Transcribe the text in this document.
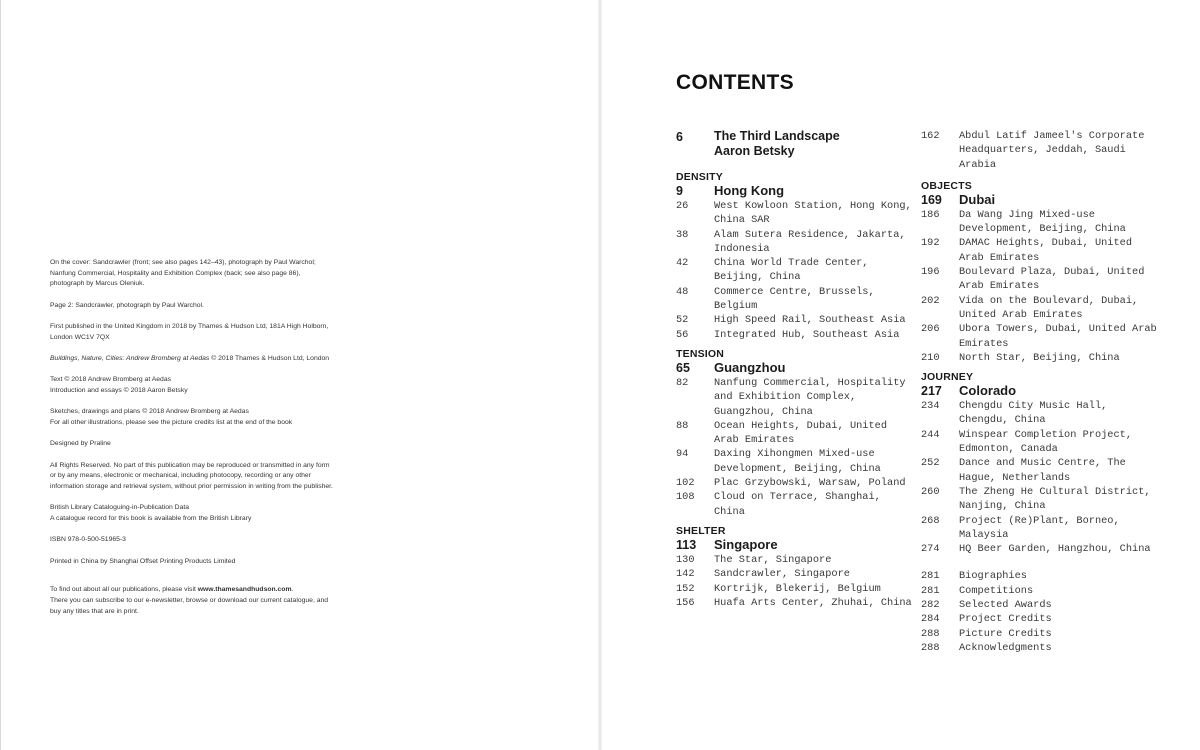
On the cover: Sandcrawler (front; see also pages 142–43), photograph by Paul Warchol; Nanfung Commercial, Hospitality and Exhibition Complex (back; see also page 86), photograph by Marcus Oleniuk.

Page 2: Sandcrawler, photograph by Paul Warchol.

First published in the United Kingdom in 2018 by Thames & Hudson Ltd, 181A High Holborn, London WC1V 7QX

Buildings, Nature, Cities: Andrew Bromberg at Aedas © 2018 Thames & Hudson Ltd, London

Text © 2018 Andrew Bromberg at Aedas
Introduction and essays © 2018 Aaron Betsky

Sketches, drawings and plans © 2018 Andrew Bromberg at Aedas
For all other illustrations, please see the picture credits list at the end of the book

Designed by Praline

All Rights Reserved. No part of this publication may be reproduced or transmitted in any form or by any means, electronic or mechanical, including photocopy, recording or any other information storage and retrieval system, without prior permission in writing from the publisher.

British Library Cataloguing-in-Publication Data
A catalogue record for this book is available from the British Library

ISBN 978-0-500-51965-3

Printed in China by Shanghai Offset Printing Products Limited

To find out about all our publications, please visit www.thamesandhudson.com.
There you can subscribe to our e-newsletter, browse or download our current catalogue, and buy any titles that are in print.

CONTENTS
6	The Third Landscape
Aaron Betsky
DENSITY
9	Hong Kong
26	West Kowloon Station, Hong Kong, China SAR
38	Alam Sutera Residence, Jakarta, Indonesia
42	China World Trade Center, Beijing, China
48	Commerce Centre, Brussels, Belgium
52	High Speed Rail, Southeast Asia
56	Integrated Hub, Southeast Asia
TENSION
65	Guangzhou
82	Nanfung Commercial, Hospitality and Exhibition Complex, Guangzhou, China
88	Ocean Heights, Dubai, United Arab Emirates
94	Daxing Xihongmen Mixed-use Development, Beijing, China
102	Plac Grzybowski, Warsaw, Poland
108	Cloud on Terrace, Shanghai, China
SHELTER
113	Singapore
130	The Star, Singapore
142	Sandcrawler, Singapore
152	Kortrijk, Blekerij, Belgium
156	Huafa Arts Center, Zhuhai, China
162	Abdul Latif Jameel's Corporate Headquarters, Jeddah, Saudi Arabia
OBJECTS
169	Dubai
186	Da Wang Jing Mixed-use Development, Beijing, China
192	DAMAC Heights, Dubai, United Arab Emirates
196	Boulevard Plaza, Dubai, United Arab Emirates
202	Vida on the Boulevard, Dubai, United Arab Emirates
206	Ubora Towers, Dubai, United Arab Emirates
210	North Star, Beijing, China
JOURNEY
217	Colorado
234	Chengdu City Music Hall, Chengdu, China
244	Winspear Completion Project, Edmonton, Canada
252	Dance and Music Centre, The Hague, Netherlands
260	The Zheng He Cultural District, Nanjing, China
268	Project (Re)Plant, Borneo, Malaysia
274	HQ Beer Garden, Hangzhou, China
281	Biographies
281	Competitions
282	Selected Awards
284	Project Credits
288	Picture Credits
288	Acknowledgments
